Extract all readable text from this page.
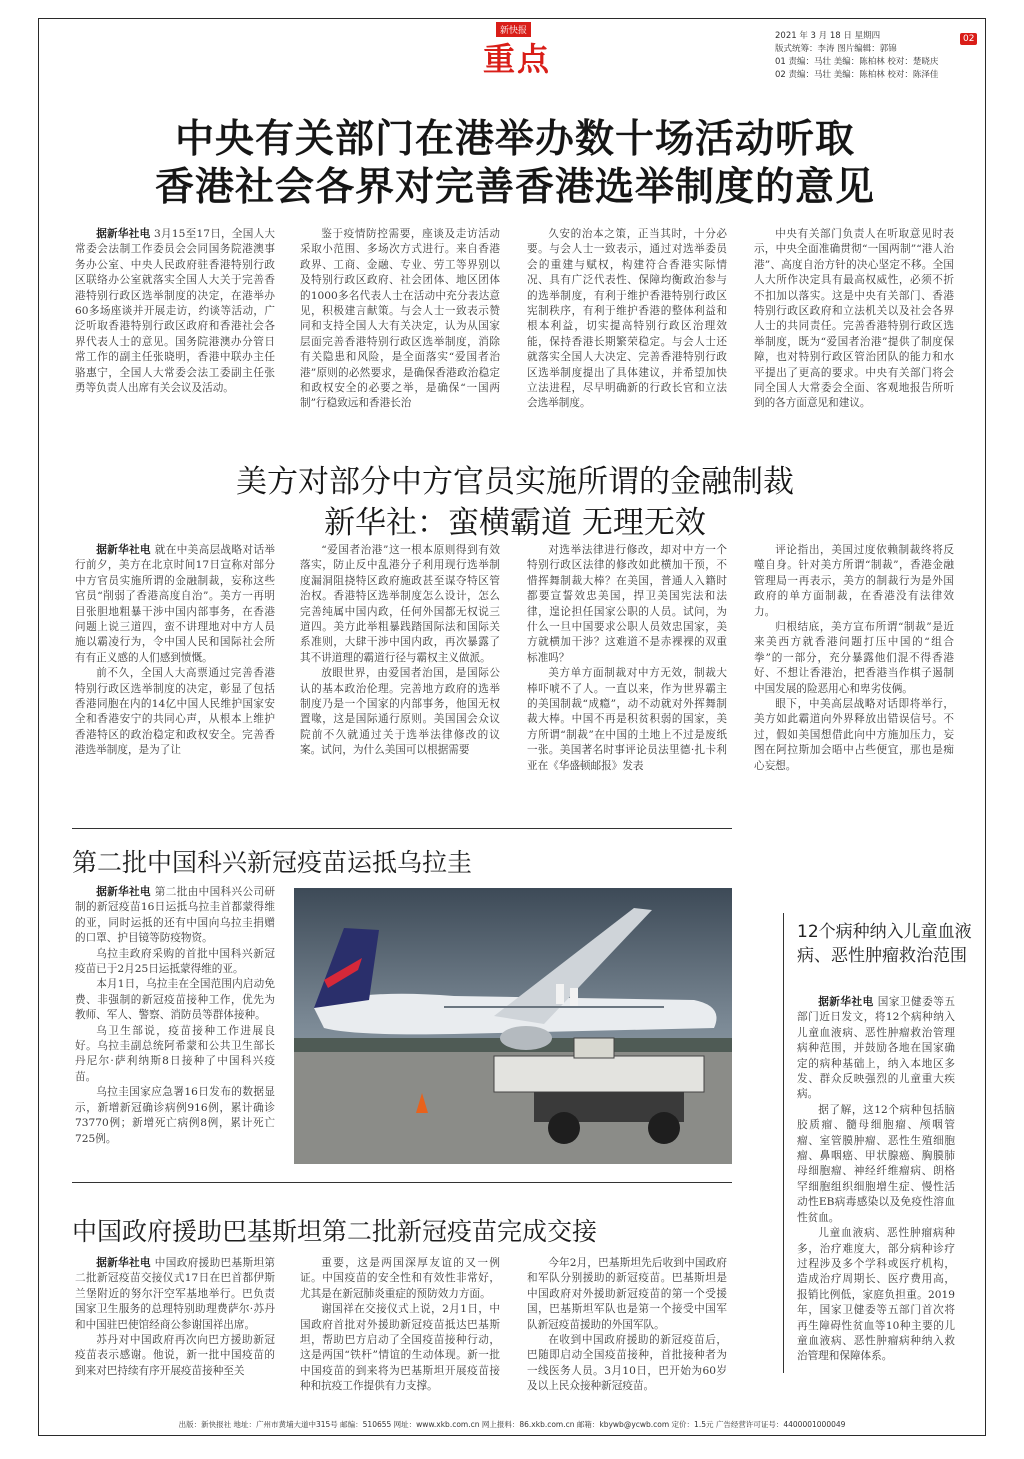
新快报
重点
2021 年 3 月 18 日 星期四
版式统筹：李涛 图片编辑：郭锦
01 责编：马壮 美编：陈柏林 校对：楚晓庆
02 责编：马壮 美编：陈柏林 校对：陈泽佳
02
中央有关部门在港举办数十场活动听取
香港社会各界对完善香港选举制度的意见

据新华社电 3月15至17日，全国人大常委会法制工作委员会会同国务院港澳事务办公室、中央人民政府驻香港特别行政区联络办公室就落实全国人大关于完善香港特别行政区选举制度的决定，在港举办60多场座谈并开展走访，约谈等活动，广泛听取香港特别行政区政府和香港社会各界代表人士的意见。国务院港澳办分管日常工作的副主任张晓明，香港中联办主任骆惠宁，全国人大常委会法工委副主任张勇等负责人出席有关会议及活动。

鉴于疫情防控需要，座谈及走访活动采取小范围、多场次方式进行。来自香港政界、工商、金融、专业、劳工等界别以及特别行政区政府、社会团体、地区团体的1000多名代表人士在活动中充分表达意见，积极建言献策。与会人士一致表示赞同和支持全国人大有关决定，认为从国家层面完善香港特别行政区选举制度，消除有关隐患和风险，是全面落实“爱国者治港”原则的必然要求，是确保香港政治稳定和政权安全的必要之举，是确保“一国两制”行稳致远和香港长治

久安的治本之策，正当其时，十分必要。与会人士一致表示，通过对选举委员会的重建与赋权，构建符合香港实际情况、具有广泛代表性、保障均衡政治参与的选举制度，有利于维护香港特别行政区宪制秩序，有利于维护香港的整体利益和根本利益，切实提高特别行政区治理效能，保持香港长期繁荣稳定。与会人士还就落实全国人大决定、完善香港特别行政区选举制度提出了具体建议，并希望加快立法进程，尽早明确新的行政长官和立法会选举制度。

中央有关部门负责人在听取意见时表示，中央全面准确贯彻“一国两制”“港人治港”、高度自治方针的决心坚定不移。全国人大所作决定具有最高权威性，必须不折不扣加以落实。这是中央有关部门、香港特别行政区政府和立法机关以及社会各界人士的共同责任。完善香港特别行政区选举制度，既为“爱国者治港”提供了制度保障，也对特别行政区管治团队的能力和水平提出了更高的要求。中央有关部门将会同全国人大常委会全面、客观地报告所听到的各方面意见和建议。

美方对部分中方官员实施所谓的金融制裁
新华社：蛮横霸道 无理无效

据新华社电 就在中美高层战略对话举行前夕，美方在北京时间17日宣称对部分中方官员实施所谓的金融制裁，妄称这些官员“削弱了香港高度自治”。美方一再明目张胆地粗暴干涉中国内部事务，在香港问题上说三道四，蛮不讲理地对中方人员施以霸凌行为，令中国人民和国际社会所有有正义感的人们感到愤慨。

前不久，全国人大高票通过完善香港特别行政区选举制度的决定，彰显了包括香港同胞在内的14亿中国人民维护国家安全和香港安宁的共同心声，从根本上维护香港特区的政治稳定和政权安全。完善香港选举制度，是为了让

“爱国者治港”这一根本原则得到有效落实，防止反中乱港分子利用现行选举制度漏洞阻挠特区政府施政甚至谋夺特区管治权。香港特区选举制度怎么设计，怎么完善纯属中国内政，任何外国都无权说三道四。美方此举粗暴践踏国际法和国际关系准则，大肆干涉中国内政，再次暴露了其不讲道理的霸道行径与霸权主义做派。

放眼世界，由爱国者治国，是国际公认的基本政治伦理。完善地方政府的选举制度乃是一个国家的内部事务，他国无权置喙，这是国际通行原则。美国国会众议院前不久就通过关于选举法律修改的议案。试问，为什么美国可以根据需要

对选举法律进行修改，却对中方一个特别行政区法律的修改如此横加干预，不惜挥舞制裁大棒？在美国，普通人入籍时都要宣誓效忠美国，捍卫美国宪法和法律，遑论担任国家公职的人员。试问，为什么一旦中国要求公职人员效忠国家，美方就横加干涉？这难道不是赤裸裸的双重标准吗？

美方单方面制裁对中方无效，制裁大棒吓唬不了人。一直以来，作为世界霸主的美国制裁“成瘾”，动不动就对外挥舞制裁大棒。中国不再是积贫积弱的国家，美方所谓“制裁”在中国的土地上不过是废纸一张。美国著名时事评论员法里德·扎卡利亚在《华盛顿邮报》发表

评论指出，美国过度依赖制裁终将反噬自身。针对美方所谓“制裁”，香港金融管理局一再表示，美方的制裁行为是外国政府的单方面制裁，在香港没有法律效力。

归根结底，美方宣布所谓“制裁”是近来美西方就香港问题打压中国的“组合拳”的一部分，充分暴露他们混不得香港好、不想让香港治，把香港当作棋子遏制中国发展的险恶用心和卑劣伎俩。

眼下，中美高层战略对话即将举行，美方如此霸道向外界释放出错误信号。不过，假如美国想借此向中方施加压力，妄图在阿拉斯加会晤中占些便宜，那也是痴心妄想。

第二批中国科兴新冠疫苗运抵乌拉圭

据新华社电 第二批由中国科兴公司研制的新冠疫苗16日运抵乌拉圭首都蒙得维的亚，同时运抵的还有中国向乌拉圭捐赠的口罩、护目镜等防疫物资。

乌拉圭政府采购的首批中国科兴新冠疫苗已于2月25日运抵蒙得维的亚。

本月1日，乌拉圭在全国范围内启动免费、非强制的新冠疫苗接种工作，优先为教师、军人、警察、消防员等群体接种。

乌卫生部说，疫苗接种工作进展良好。乌拉圭副总统阿希蒙和公共卫生部长丹尼尔·萨利纳斯8日接种了中国科兴疫苗。

乌拉圭国家应急署16日发布的数据显示，新增新冠确诊病例916例，累计确诊73770例；新增死亡病例8例，累计死亡725例。

12个病种纳入儿童血液病、恶性肿瘤救治范围

据新华社电 国家卫健委等五部门近日发文，将12个病种纳入儿童血液病、恶性肿瘤救治管理病种范围，并鼓励各地在国家确定的病种基础上，纳入本地区多发、群众反映强烈的儿童重大疾病。

据了解，这12个病种包括脑胶质瘤、髓母细胞瘤、颅咽管瘤、室管膜肿瘤、恶性生殖细胞瘤、鼻咽癌、甲状腺癌、胸膜肺母细胞瘤、神经纤维瘤病、朗格罕细胞组织细胞增生症、慢性活动性EB病毒感染以及免疫性溶血性贫血。

儿童血液病、恶性肿瘤病种多，治疗难度大，部分病种诊疗过程涉及多个学科或医疗机构，造成治疗周期长、医疗费用高，报销比例低，家庭负担重。2019年，国家卫健委等五部门首次将再生障碍性贫血等10种主要的儿童血液病、恶性肿瘤病种纳入救治管理和保障体系。

中国政府援助巴基斯坦第二批新冠疫苗完成交接

据新华社电 中国政府援助巴基斯坦第二批新冠疫苗交接仪式17日在巴首都伊斯兰堡附近的努尔汗空军基地举行。巴负责国家卫生服务的总理特别助理费萨尔·苏丹和中国驻巴使馆经商公参谢国祥出席。

苏丹对中国政府再次向巴方援助新冠疫苗表示感谢。他说，新一批中国疫苗的到来对巴持续有序开展疫苗接种至关

重要，这是两国深厚友谊的又一例证。中国疫苗的安全性和有效性非常好，尤其是在新冠肺炎重症的预防效力方面。

谢国祥在交接仪式上说，2月1日，中国政府首批对外援助新冠疫苗抵达巴基斯坦，帮助巴方启动了全国疫苗接种行动，这是两国“铁杆”情谊的生动体现。新一批中国疫苗的到来将为巴基斯坦开展疫苗接种和抗疫工作提供有力支撑。

今年2月，巴基斯坦先后收到中国政府和军队分别援助的新冠疫苗。巴基斯坦是中国政府对外援助新冠疫苗的第一个受援国，巴基斯坦军队也是第一个接受中国军队新冠疫苗援助的外国军队。

在收到中国政府援助的新冠疫苗后，巴随即启动全国疫苗接种，首批接种者为一线医务人员。3月10日，巴开始为60岁及以上民众接种新冠疫苗。

出版：新快报社 地址：广州市黄埔大道中315号 邮编：510655 网址：www.xkb.com.cn 网上报料：86.xkb.com.cn 邮箱：kbywb@ycwb.com 定价：1.5元 广告经营许可证号：4400001000049
